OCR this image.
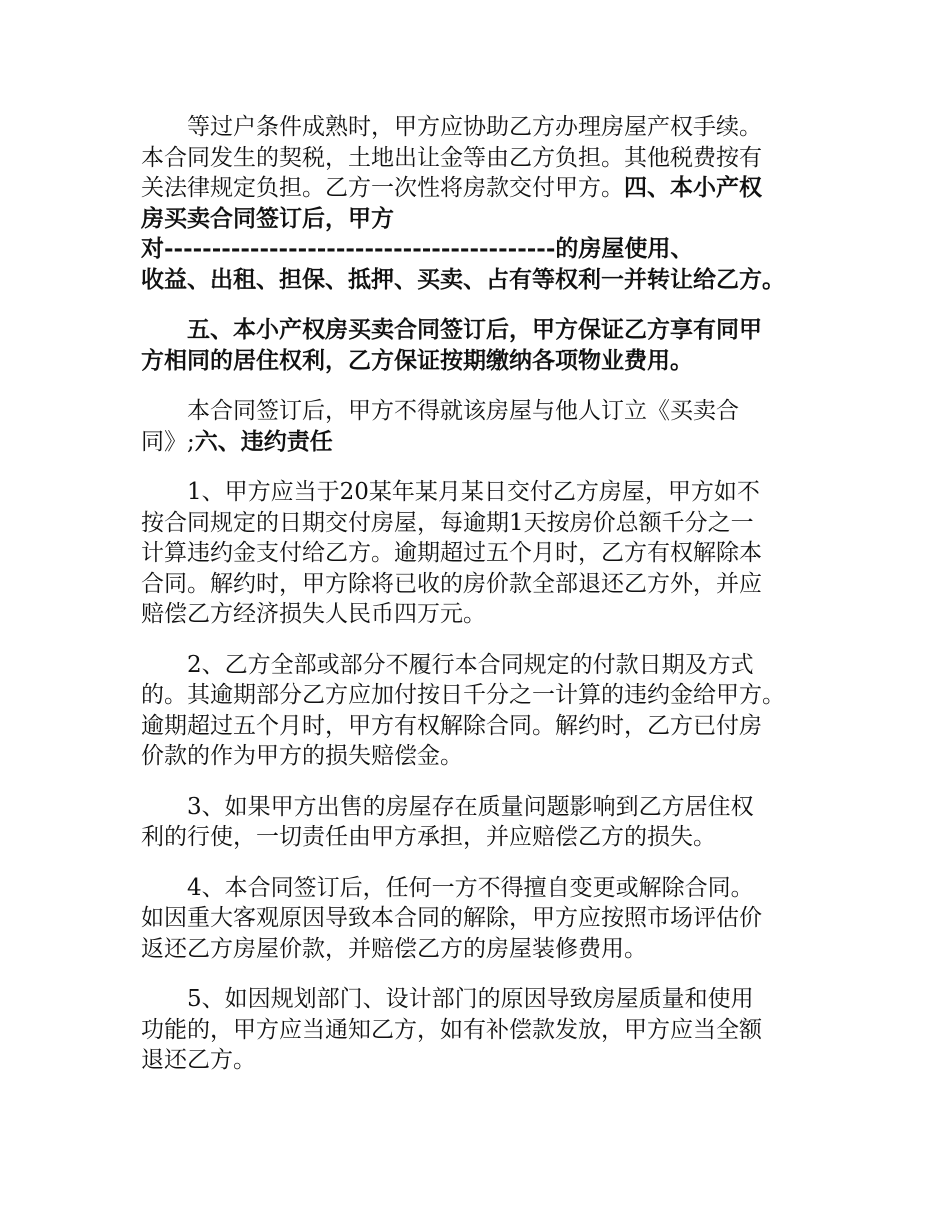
等过户条件成熟时，甲方应协助乙方办理房屋产权手续。
本合同发生的契税，土地出让金等由乙方负担。其他税费按有
关法律规定负担。乙方一次性将房款交付甲方。四、本小产权
房买卖合同签订后，甲方
对-----------------------------------------的房屋使用、
收益、出租、担保、抵押、买卖、占有等权利一并转让给乙方。
五、本小产权房买卖合同签订后，甲方保证乙方享有同甲
方相同的居住权利，乙方保证按期缴纳各项物业费用。
本合同签订后，甲方不得就该房屋与他人订立《买卖合
同》;六、违约责任
1、甲方应当于20某年某月某日交付乙方房屋，甲方如不
按合同规定的日期交付房屋，每逾期1天按房价总额千分之一
计算违约金支付给乙方。逾期超过五个月时，乙方有权解除本
合同。解约时，甲方除将已收的房价款全部退还乙方外，并应
赔偿乙方经济损失人民币四万元。
2、乙方全部或部分不履行本合同规定的付款日期及方式
的。其逾期部分乙方应加付按日千分之一计算的违约金给甲方。
逾期超过五个月时，甲方有权解除合同。解约时，乙方已付房
价款的作为甲方的损失赔偿金。
3、如果甲方出售的房屋存在质量问题影响到乙方居住权
利的行使，一切责任由甲方承担，并应赔偿乙方的损失。
4、本合同签订后，任何一方不得擅自变更或解除合同。
如因重大客观原因导致本合同的解除，甲方应按照市场评估价
返还乙方房屋价款，并赔偿乙方的房屋装修费用。
5、如因规划部门、设计部门的原因导致房屋质量和使用
功能的，甲方应当通知乙方，如有补偿款发放，甲方应当全额
退还乙方。
